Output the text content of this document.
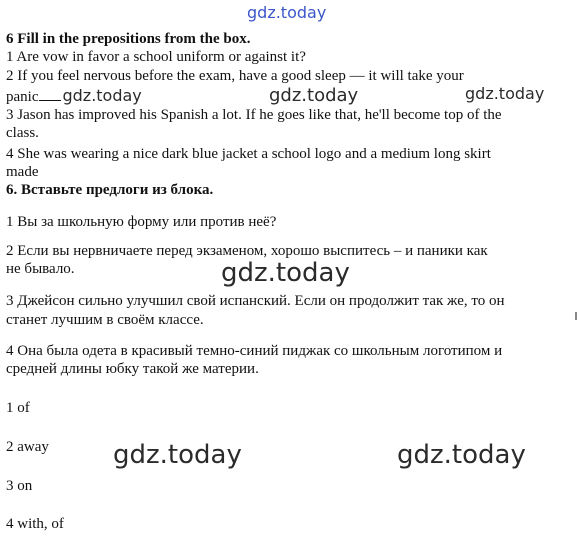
gdz.today
6 Fill in the prepositions from the box.
1 Are vow in favor a school uniform or against it?
2 If you feel nervous before the exam, have a good sleep — it will take your
panic gdz.today	gdz.today	gdz.today
3 Jason has improved his Spanish a lot. If he goes like that, he'll become top of the
class.
4 She was wearing a nice dark blue jacket a school logo and a medium long skirt
made
6. Вставьте предлоги из блока.
1 Вы за школьную форму или против неё?
2 Если вы нервничаете перед экзаменом, хорошо выспитесь – и паники как
не бывало.	gdz.today
3 Джейсон сильно улучшил свой испанский. Если он продолжит так же, то он
станет лучшим в своём классе.
4 Она была одета в красивый темно-синий пиджак со школьным логотипом и
средней длины юбку такой же материи.
1 of
2 away gdz.today	gdz.today
3 on
4 with, of
